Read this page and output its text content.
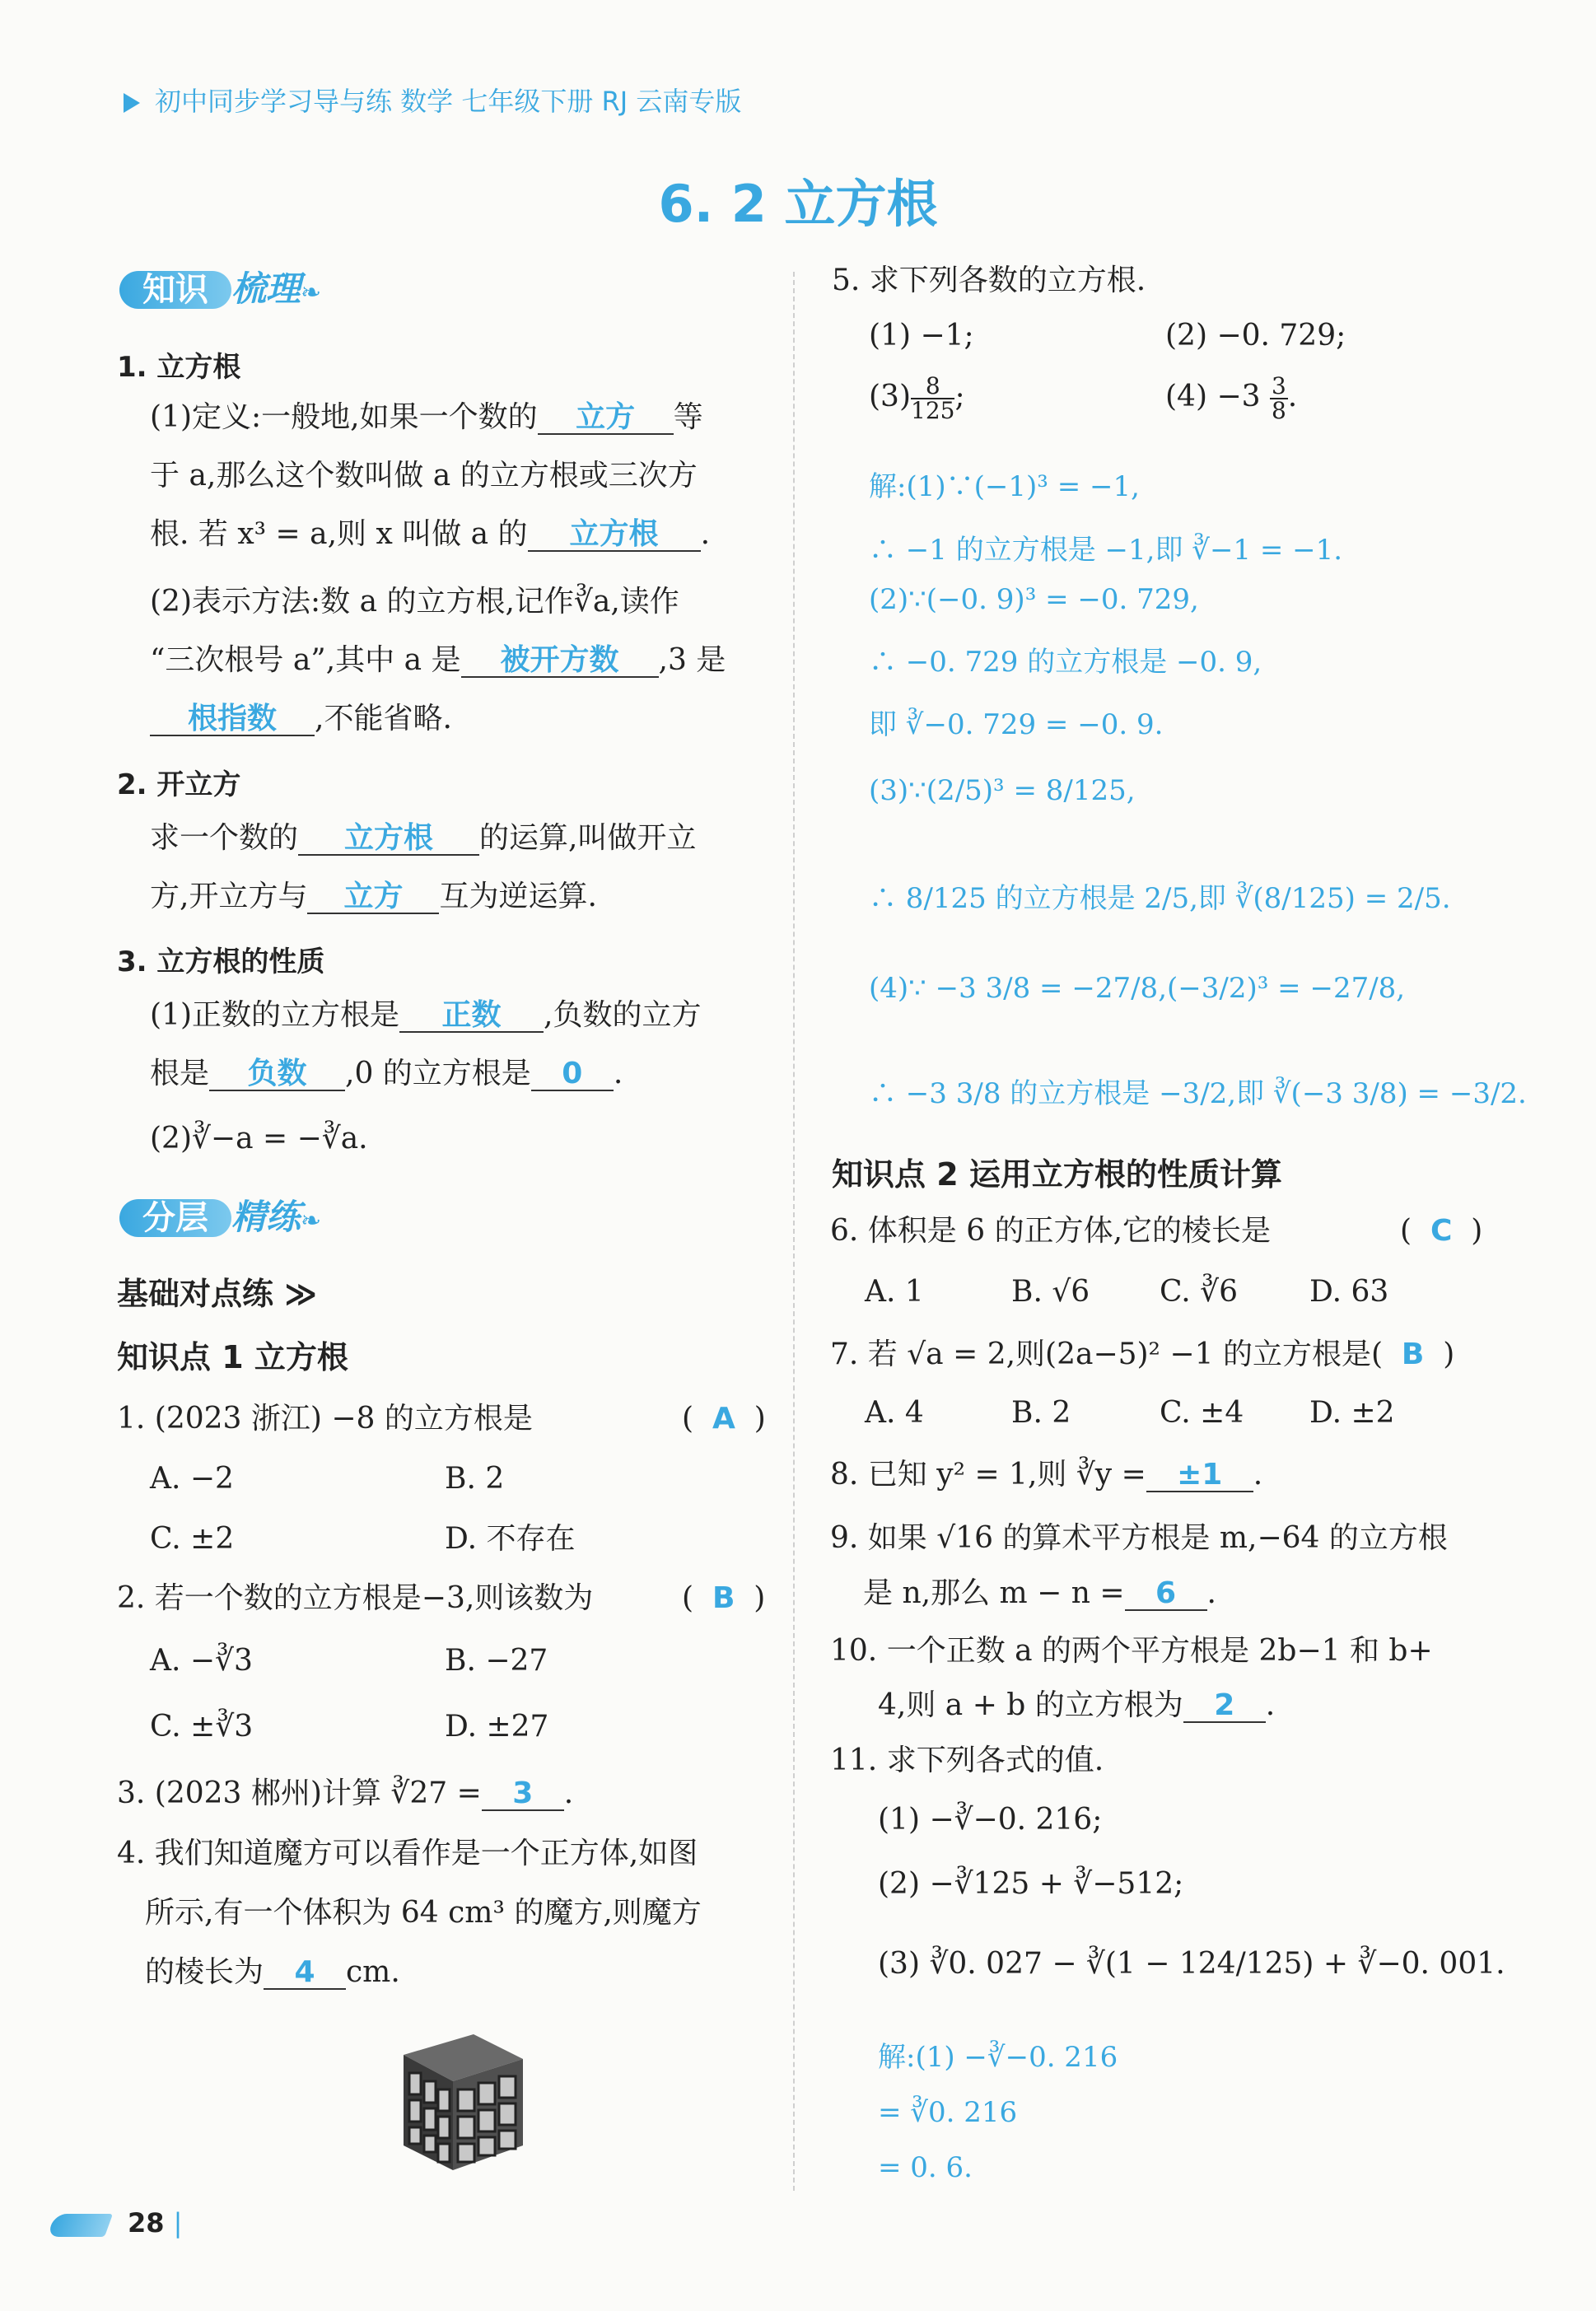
初中同步学习导与练 数学 七年级下册 RJ 云南专版
6. 2 立方根
知识 梳理❧
1. 立方根
(1)定义:一般地,如果一个数的 立方 等
于 a,那么这个数叫做 a 的立方根或三次方
根. 若 x³ = a,则 x 叫做 a 的 立方根 .
(2)表示方法:数 a 的立方根,记作∛a,读作
“三次根号 a”,其中 a 是 被开方数 ,3 是
根指数 ,不能省略.
2. 开立方
求一个数的 立方根 的运算,叫做开立
方,开立方与 立方 互为逆运算.
3. 立方根的性质
(1)正数的立方根是 正数 ,负数的立方
根是 负数 ,0 的立方根是 0 .
(2)∛−a = −∛a.
分层 精练❧
基础对点练 ≫
知识点 1 立方根
1. (2023 浙江) −8 的立方根是	(  A  )
A. −2	B. 2
C. ±2	D. 不存在
2. 若一个数的立方根是−3,则该数为	(  B  )
A. −∛3	B. −27
C. ±∛3	D. ±27
3. (2023 郴州)计算 ∛27 = 3 .
4. 我们知道魔方可以看作是一个正方体,如图
所示,有一个体积为 64 cm³ 的魔方,则魔方
的棱长为 4 cm.
5. 求下列各数的立方根.
(1) −1;	(2) −0. 729;
$(3) \frac{8}{125}$ ;	$(4) -3 \frac{3}{8}$ .
解:(1)∵(−1)³ = −1,
∴ −1 的立方根是 −1,即 ∛−1 = −1.
(2)∵(−0. 9)³ = −0. 729,
∴ −0. 729 的立方根是 −0. 9,
即 ∛−0. 729 = −0. 9.
(3)∵(2/5)³ = 8/125,
∴ 8/125 的立方根是 2/5,即 ∛(8/125) = 2/5.
(4)∵ −3 3/8 = −27/8,(−3/2)³ = −27/8,
∴ −3 3/8 的立方根是 −3/2,即 ∛(−3 3/8) = −3/2.
知识点 2 运用立方根的性质计算
6. 体积是 6 的正方体,它的棱长是	(  C  )
A. 1	B. √6 C. ∛6 D. 63
7. 若 √a = 2,则(2a−5)² −1 的立方根是( B )
A. 4	B. 2	C. ±4 D. ±2
8. 已知 y² = 1,则 ∛y = ±1 .
9. 如果 √16 的算术平方根是 m,−64 的立方根
是 n,那么 m − n = 6 .
10. 一个正数 a 的两个平方根是 2b−1 和 b+
4,则 a + b 的立方根为 2 .
11. 求下列各式的值.
(1) −∛−0. 216;
(2) −∛125 + ∛−512;
(3) ∛0. 027 − ∛(1 − 124/125) + ∛−0. 001.
解:(1) −∛−0. 216
= ∛0. 216
= 0. 6.
28 |
